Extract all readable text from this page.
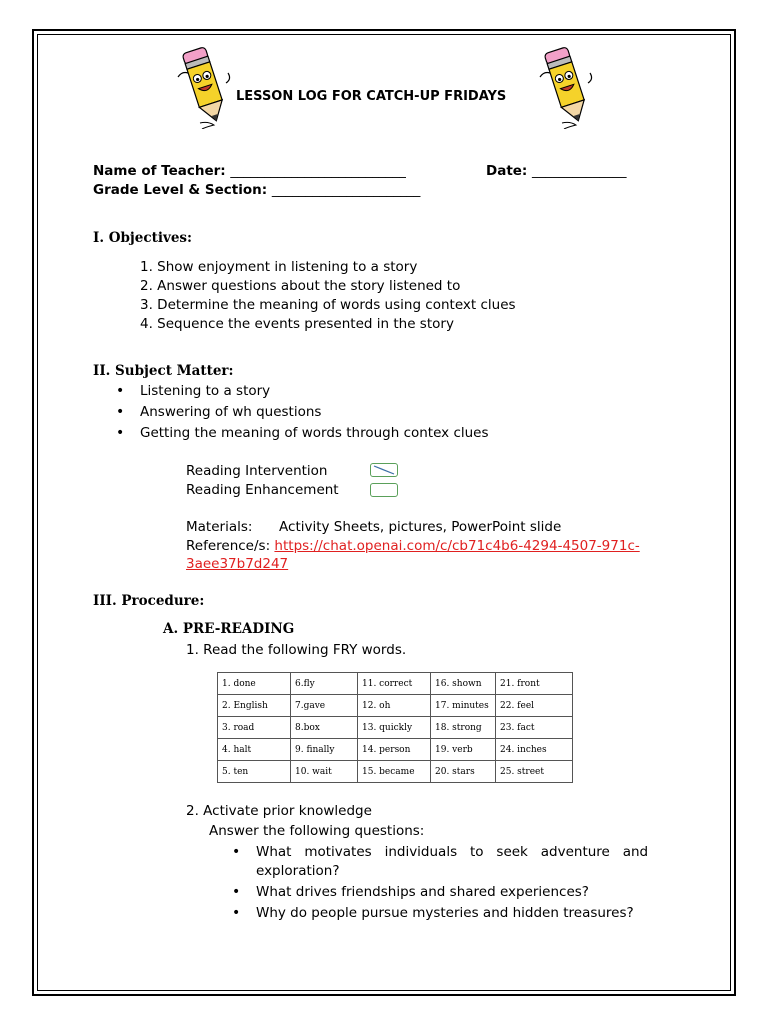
LESSON LOG FOR CATCH-UP FRIDAYS
Name of Teacher: __________________________	Date: ______________
Grade Level & Section: ______________________
I. Objectives:
1. Show enjoyment in listening to a story
2. Answer questions about the story listened to
3. Determine the meaning of words using context clues
4. Sequence the events presented in the story
II. Subject Matter:
• Listening to a story
• Answering of wh questions
• Getting the meaning of words through contex clues
Reading Intervention
Reading Enhancement
Materials: Activity Sheets, pictures, PowerPoint slide
Reference/s: https://chat.openai.com/c/cb71c4b6-4294-4507-971c-
3aee37b7d247
III. Procedure:
A. PRE-READING
1. Read the following FRY words.
1. done	6.fly	11. correct	16. shown	21. front
2. English	7.gave	12. oh	17. minutes	22. feel
3. road	8.box	13. quickly	18. strong	23. fact
4. halt	9. finally	14. person	19. verb	24. inches
5. ten	10. wait	15. became	20. stars	25. street
2. Activate prior knowledge
Answer the following questions:
• What   motivates   individuals   to   seek   adventure   and
exploration?
• What drives friendships and shared experiences?
• Why do people pursue mysteries and hidden treasures?
